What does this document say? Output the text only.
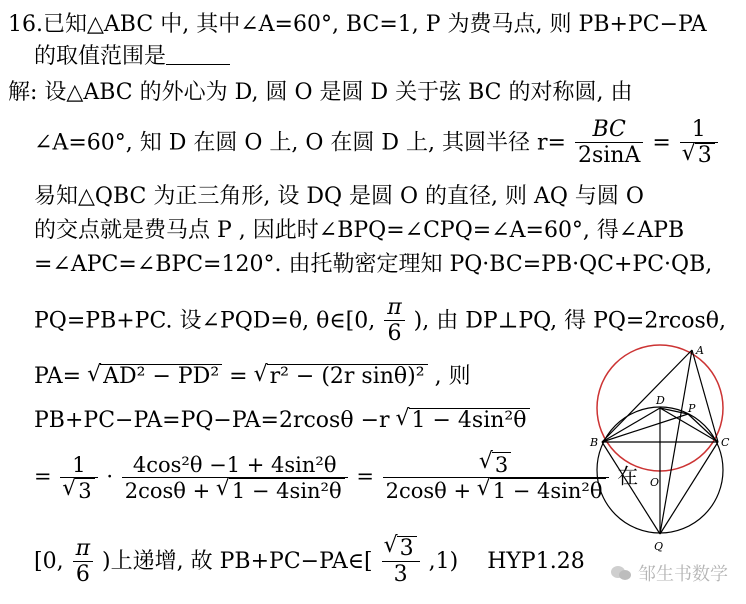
16.已知△ABC 中, 其中∠A=60°, BC=1, P 为费马点, 则 PB+PC−PA
的取值范围是
解: 设△ABC 的外心为 D, 圆 O 是圆 D 关于弦 BC 的对称圆, 由
∠A=60°, 知 D 在圆 O 上, O 在圆 D 上, 其圆半径 $r= \frac{BC}{2\sin A} = 1$
√ 3
易知△QBC 为正三角形, 设 DQ 是圆 O 的直径, 则 AQ 与圆 O
的交点就是费马点 P , 因此时∠BPQ=∠CPQ=∠A=60°, 得∠APB
=∠APC=∠BPC=120°. 由托勒密定理知 PQ·BC=PB·QC+PC·QB,
PQ=PB+PC. 设∠PQD=θ, θ∈[0, $\frac{\pi}{6}$ ), 由 DP⊥PQ, 得 PQ=2rcosθ,
PA= √ AD² − PD² = √ r² − (2r sinθ)² , 则
PB+PC−PA=PQ−PA=2rcosθ −r √ 1 − 4sin²θ
= 1
√ $3 \cdot \frac{\text{4cos²θ −1 + 4sin²θ}}{\text{2cosθ + √ 1 − 4sin²θ}}$ = √ $\frac{3}{\text{2cosθ + √ 1 − 4sin²θ}}$ 在
[0, $\frac{\pi}{6}$ )上递增, 故 PB+PC−PA∈[ √ $\frac{3}{3} ,1$) HYP1.28
A
B	C
D
P
O
Q
邹生书数学
